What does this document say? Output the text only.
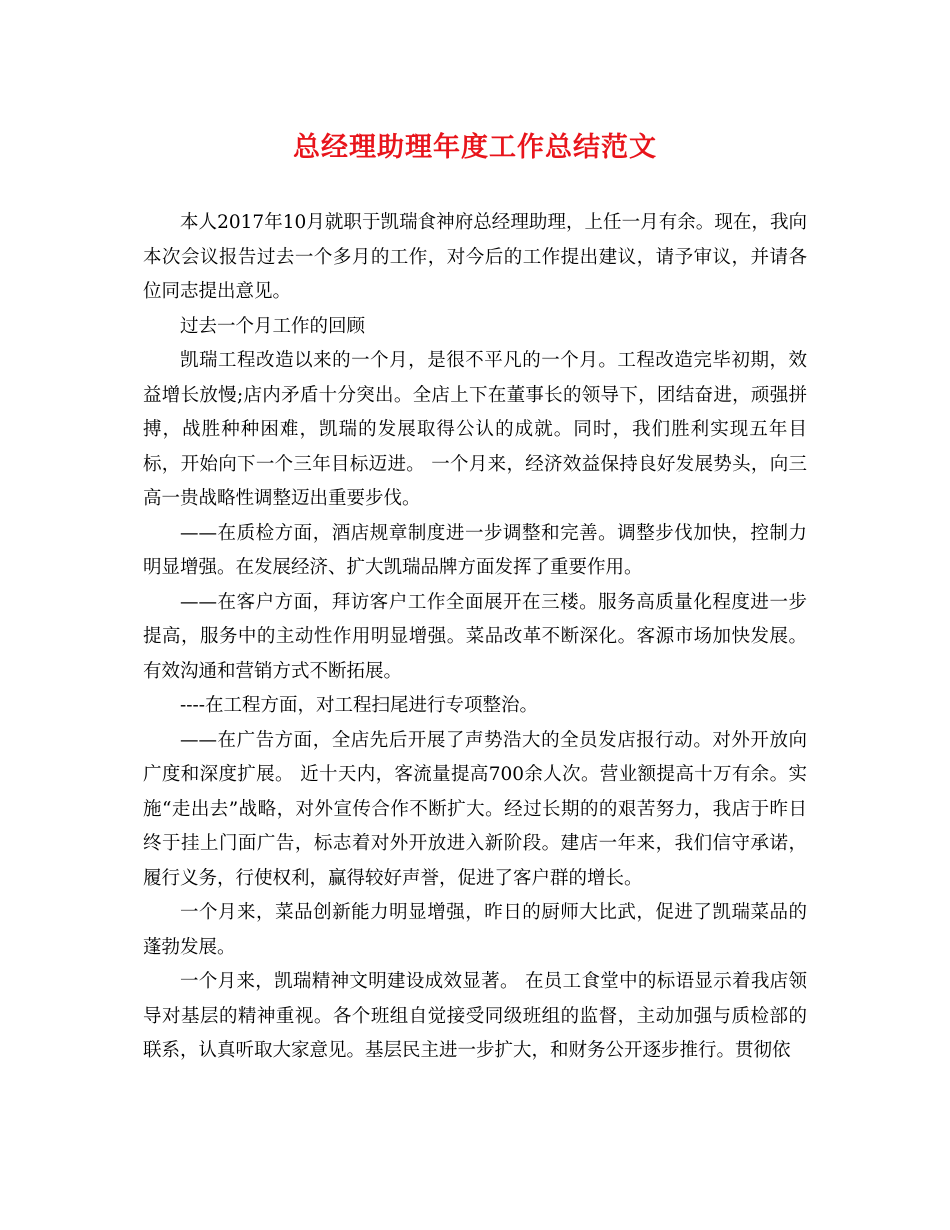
总经理助理年度工作总结范文

本人2017年10月就职于凯瑞食神府总经理助理，上任一月有余。现在，我向本次会议报告过去一个多月的工作，对今后的工作提出建议，请予审议，并请各位同志提出意见。

过去一个月工作的回顾

凯瑞工程改造以来的一个月，是很不平凡的一个月。工程改造完毕初期，效益增长放慢;店内矛盾十分突出。全店上下在董事长的领导下，团结奋进，顽强拼搏，战胜种种困难，凯瑞的发展取得公认的成就。同时，我们胜利实现五年目标，开始向下一个三年目标迈进。 一个月来，经济效益保持良好发展势头，向三高一贵战略性调整迈出重要步伐。

——在质检方面，酒店规章制度进一步调整和完善。调整步伐加快，控制力明显增强。在发展经济、扩大凯瑞品牌方面发挥了重要作用。

——在客户方面，拜访客户工作全面展开在三楼。服务高质量化程度进一步提高，服务中的主动性作用明显增强。菜品改革不断深化。客源市场加快发展。有效沟通和营销方式不断拓展。

----在工程方面，对工程扫尾进行专项整治。

——在广告方面，全店先后开展了声势浩大的全员发店报行动。对外开放向广度和深度扩展。 近十天内，客流量提高700余人次。营业额提高十万有余。实施“走出去”战略，对外宣传合作不断扩大。经过长期的的艰苦努力，我店于昨日终于挂上门面广告，标志着对外开放进入新阶段。建店一年来，我们信守承诺，履行义务，行使权利，赢得较好声誉，促进了客户群的增长。

一个月来，菜品创新能力明显增强，昨日的厨师大比武，促进了凯瑞菜品的蓬勃发展。

一个月来，凯瑞精神文明建设成效显著。 在员工食堂中的标语显示着我店领导对基层的精神重视。各个班组自觉接受同级班组的监督，主动加强与质检部的联系，认真听取大家意见。基层民主进一步扩大，和财务公开逐步推行。贯彻依
